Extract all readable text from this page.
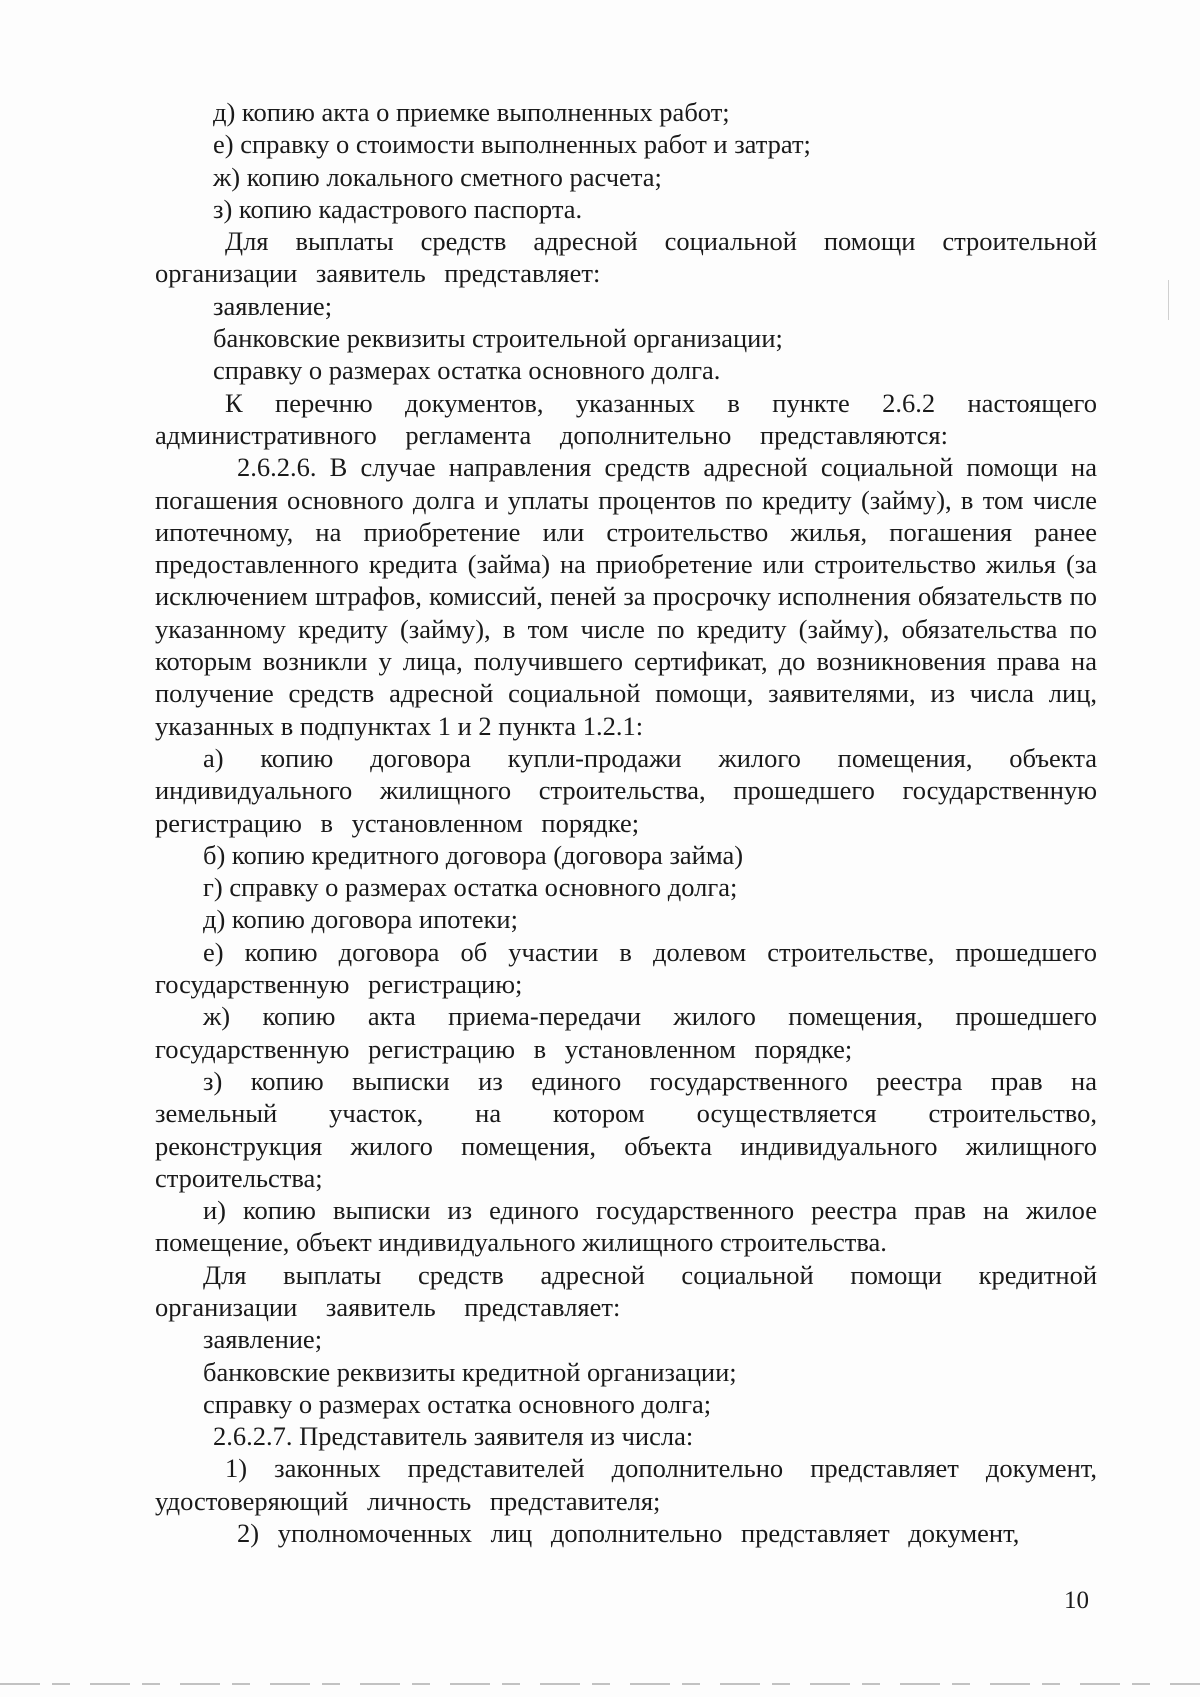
д) копию акта о приемке выполненных работ;

е) справку о стоимости выполненных работ и затрат;

ж) копию локального сметного расчета;

з) копию кадастрового паспорта.

Для выплаты средств адресной социальной помощи строительной организации заявитель представляет:

заявление;

банковские реквизиты строительной организации;

справку о размерах остатка основного долга.

К перечню документов, указанных в пункте 2.6.2 настоящего административного регламента дополнительно представляются:

2.6.2.6. В случае направления средств адресной социальной помощи на погашения основного долга и уплаты процентов по кредиту (займу), в том числе ипотечному, на приобретение или строительство жилья, погашения ранее предоставленного кредита (займа) на приобретение или строительство жилья (за исключением штрафов, комиссий, пеней за просрочку исполнения обязательств по указанному кредиту (займу), в том числе по кредиту (займу), обязательства по которым возникли у лица, получившего сертификат, до возникновения права на получение средств адресной социальной помощи, заявителями, из числа лиц, указанных в подпунктах 1 и 2 пункта 1.2.1:

а) копию договора купли-продажи жилого помещения, объекта индивидуального жилищного строительства, прошедшего государственную регистрацию в установленном порядке;

б) копию кредитного договора (договора займа)

г) справку о размерах остатка основного долга;

д) копию договора ипотеки;

е) копию договора об участии в долевом строительстве, прошедшего государственную регистрацию;

ж) копию акта приема-передачи жилого помещения, прошедшего государственную регистрацию в установленном порядке;

з) копию выписки из единого государственного реестра прав на земельный участок, на котором осуществляется строительство, реконструкция жилого помещения, объекта индивидуального жилищного строительства;

и) копию выписки из единого государственного реестра прав на жилое помещение, объект индивидуального жилищного строительства.

Для выплаты средств адресной социальной помощи кредитной организации заявитель представляет:

заявление;

банковские реквизиты кредитной организации;

справку о размерах остатка основного долга;

2.6.2.7. Представитель заявителя из числа:

1) законных представителей дополнительно представляет документ, удостоверяющий личность представителя;

2) уполномоченных лиц дополнительно представляет документ,

10
